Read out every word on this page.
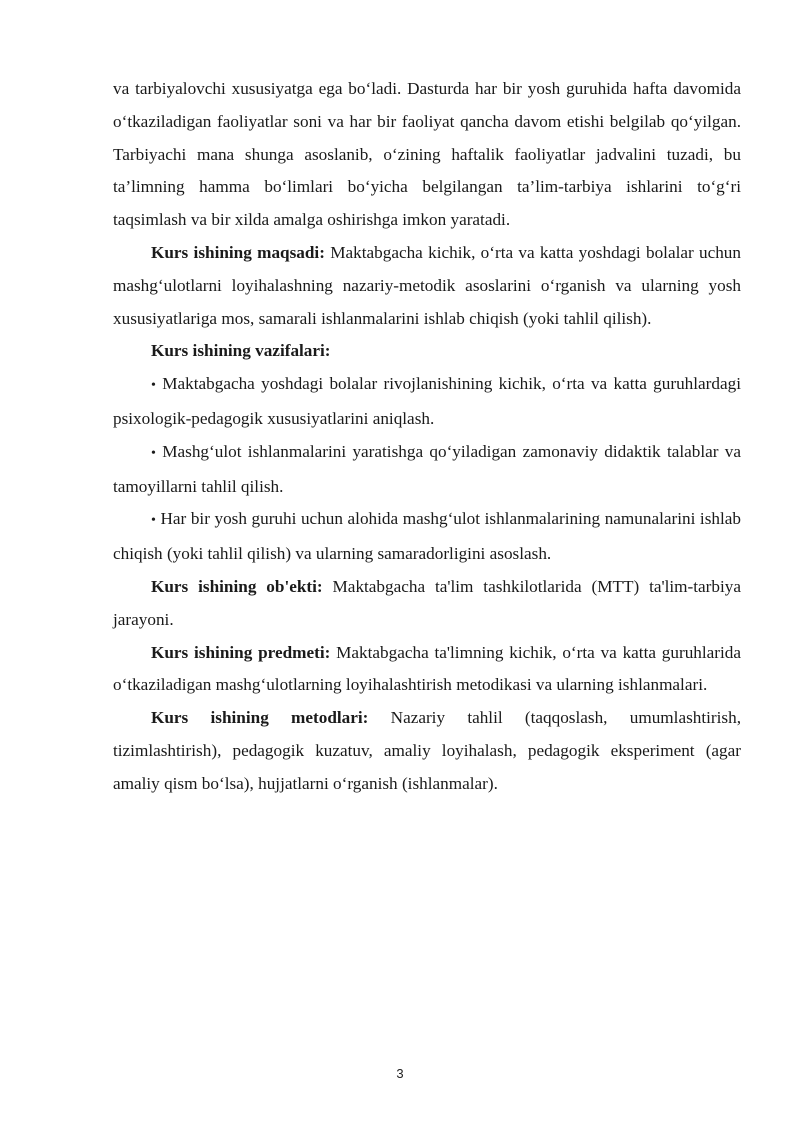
va tarbiyalovchi xususiyatga ega bo‘ladi. Dasturda har bir yosh guruhida hafta davomida o‘tkaziladigan faoliyatlar soni va har bir faoliyat qancha davom etishi belgilab qo‘yilgan. Tarbiyachi mana shunga asoslanib, o‘zining haftalik faoliyatlar jadvalini tuzadi, bu ta’limning hamma bo‘limlari bo‘yicha belgilangan ta’lim-tarbiya ishlarini to‘g‘ri taqsimlash va bir xilda amalga oshirishga imkon yaratadi.

Kurs ishining maqsadi: Maktabgacha kichik, o‘rta va katta yoshdagi bolalar uchun mashg‘ulotlarni loyihalashning nazariy-metodik asoslarini o‘rganish va ularning yosh xususiyatlariga mos, samarali ishlanmalarini ishlab chiqish (yoki tahlil qilish).

Kurs ishining vazifalari:

• Maktabgacha yoshdagi bolalar rivojlanishining kichik, o‘rta va katta guruhlardagi psixologik-pedagogik xususiyatlarini aniqlash.

• Mashg‘ulot ishlanmalarini yaratishga qo‘yiladigan zamonaviy didaktik talablar va tamoyillarni tahlil qilish.

• Har bir yosh guruhi uchun alohida mashg‘ulot ishlanmalarining namunalarini ishlab chiqish (yoki tahlil qilish) va ularning samaradorligini asoslash.

Kurs ishining ob'ekti: Maktabgacha ta'lim tashkilotlarida (MTT) ta'lim-tarbiya jarayoni.

Kurs ishining predmeti: Maktabgacha ta'limning kichik, o‘rta va katta guruhlarida o‘tkaziladigan mashg‘ulotlarning loyihalashtirish metodikasi va ularning ishlanmalari.

Kurs ishining metodlari: Nazariy tahlil (taqqoslash, umumlashtirish, tizimlashtirish), pedagogik kuzatuv, amaliy loyihalash, pedagogik eksperiment (agar amaliy qism bo‘lsa), hujjatlarni o‘rganish (ishlanmalar).

3
